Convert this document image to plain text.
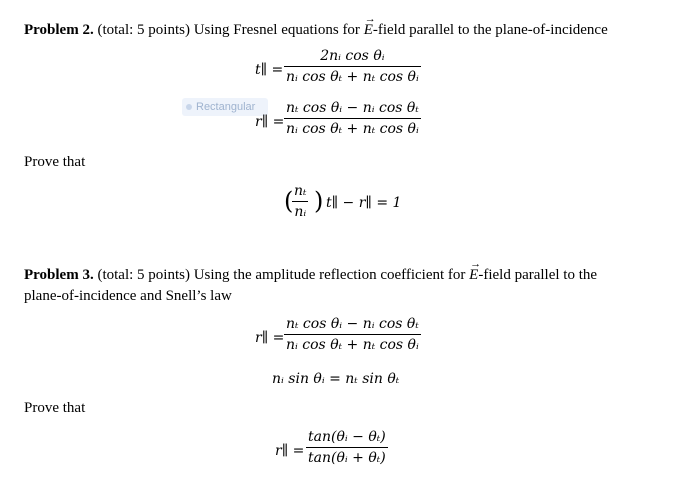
Problem 2. (total: 5 points) Using Fresnel equations for → E-field parallel to the plane-of-incidence
t∥ =
2nᵢ cos θᵢ
nᵢ cos θₜ + nₜ cos θᵢ
Rectangular
r∥ =
nₜ cos θᵢ − nᵢ cos θₜ
nᵢ cos θₜ + nₜ cos θᵢ
Prove that
( nₜ
nᵢ ) t∥ − r∥ = 1
Problem 3. (total: 5 points) Using the amplitude reflection coefficient for → E-field parallel to the
plane-of-incidence and Snell’s law
r∥ =
nₜ cos θᵢ − nᵢ cos θₜ
nᵢ cos θₜ + nₜ cos θᵢ
nᵢ sin θᵢ = nₜ sin θₜ
Prove that
r∥ =
tan(θᵢ − θₜ)
tan(θᵢ + θₜ)
